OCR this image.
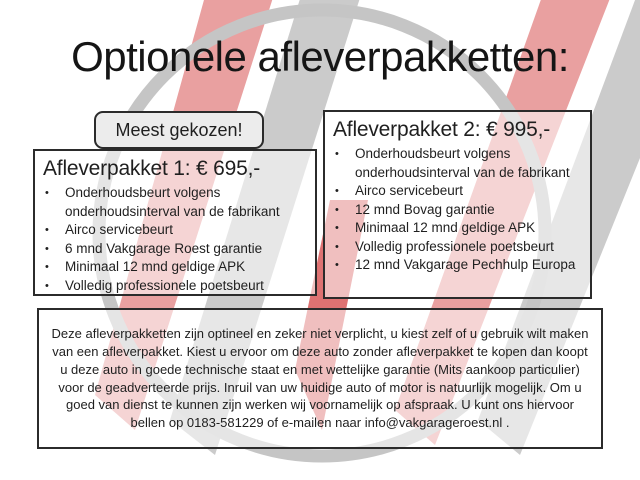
Optionele afleverpakketten:
Meest gekozen!
Afleverpakket 1: € 695,-
•	Onderhoudsbeurt volgens onderhoudsinterval van de fabrikant
•	Airco servicebeurt
•	6 mnd Vakgarage Roest garantie
•	Minimaal 12 mnd geldige APK
•	Volledig professionele poetsbeurt
Afleverpakket 2: € 995,-
•	Onderhoudsbeurt volgens onderhoudsinterval van de fabrikant
•	Airco servicebeurt
•	12 mnd Bovag garantie
•	Minimaal 12 mnd geldige APK
•	Volledig professionele poetsbeurt
•	12 mnd Vakgarage Pechhulp Europa
Deze afleverpakketten zijn optineel en zeker niet verplicht, u kiest zelf of u gebruik wilt maken van een afleverpakket. Kiest u ervoor om deze auto zonder afleverpakket te kopen dan koopt u deze auto in goede technische staat en met wettelijke garantie (Mits aankoop particulier) voor de geadverteerde prijs. Inruil van uw huidige auto of motor is natuurlijk mogelijk. Om u goed van dienst te kunnen zijn werken wij voornamelijk op afspraak. U kunt ons hiervoor bellen op 0183-581229 of e-mailen naar info@vakgarageroest.nl .
